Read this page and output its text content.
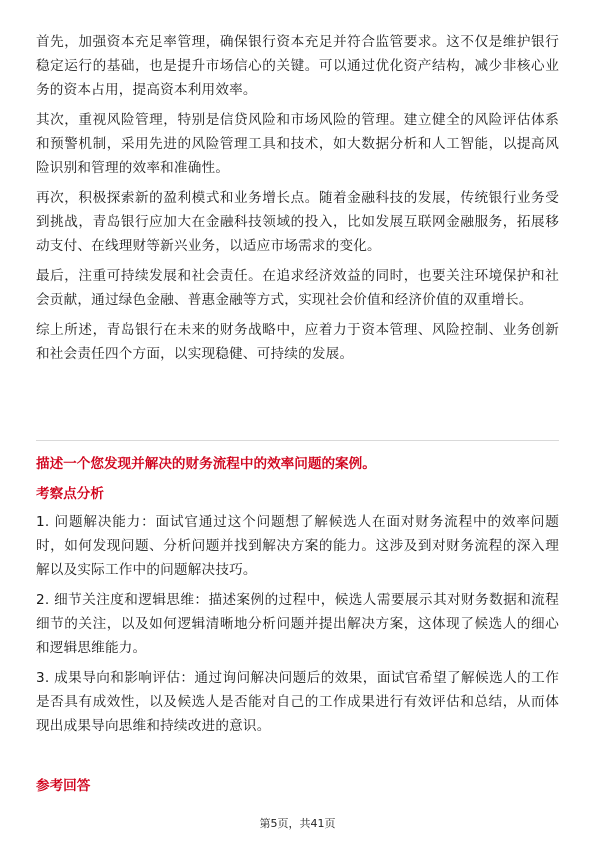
首先，加强资本充足率管理，确保银行资本充足并符合监管要求。这不仅是维护银行稳定运行的基础，也是提升市场信心的关键。可以通过优化资产结构，减少非核心业务的资本占用，提高资本利用效率。

其次，重视风险管理，特别是信贷风险和市场风险的管理。建立健全的风险评估体系和预警机制，采用先进的风险管理工具和技术，如大数据分析和人工智能，以提高风险识别和管理的效率和准确性。

再次，积极探索新的盈利模式和业务增长点。随着金融科技的发展，传统银行业务受到挑战，青岛银行应加大在金融科技领域的投入，比如发展互联网金融服务，拓展移动支付、在线理财等新兴业务，以适应市场需求的变化。

最后，注重可持续发展和社会责任。在追求经济效益的同时，也要关注环境保护和社会贡献，通过绿色金融、普惠金融等方式，实现社会价值和经济价值的双重增长。

综上所述，青岛银行在未来的财务战略中，应着力于资本管理、风险控制、业务创新和社会责任四个方面，以实现稳健、可持续的发展。

描述一个您发现并解决的财务流程中的效率问题的案例。

考察点分析

1. 问题解决能力：面试官通过这个问题想了解候选人在面对财务流程中的效率问题时，如何发现问题、分析问题并找到解决方案的能力。这涉及到对财务流程的深入理解以及实际工作中的问题解决技巧。

2. 细节关注度和逻辑思维：描述案例的过程中，候选人需要展示其对财务数据和流程细节的关注，以及如何逻辑清晰地分析问题并提出解决方案，这体现了候选人的细心和逻辑思维能力。

3. 成果导向和影响评估：通过询问解决问题后的效果，面试官希望了解候选人的工作是否具有成效性，以及候选人是否能对自己的工作成果进行有效评估和总结，从而体现出成果导向思维和持续改进的意识。

参考回答
第5页，共41页
